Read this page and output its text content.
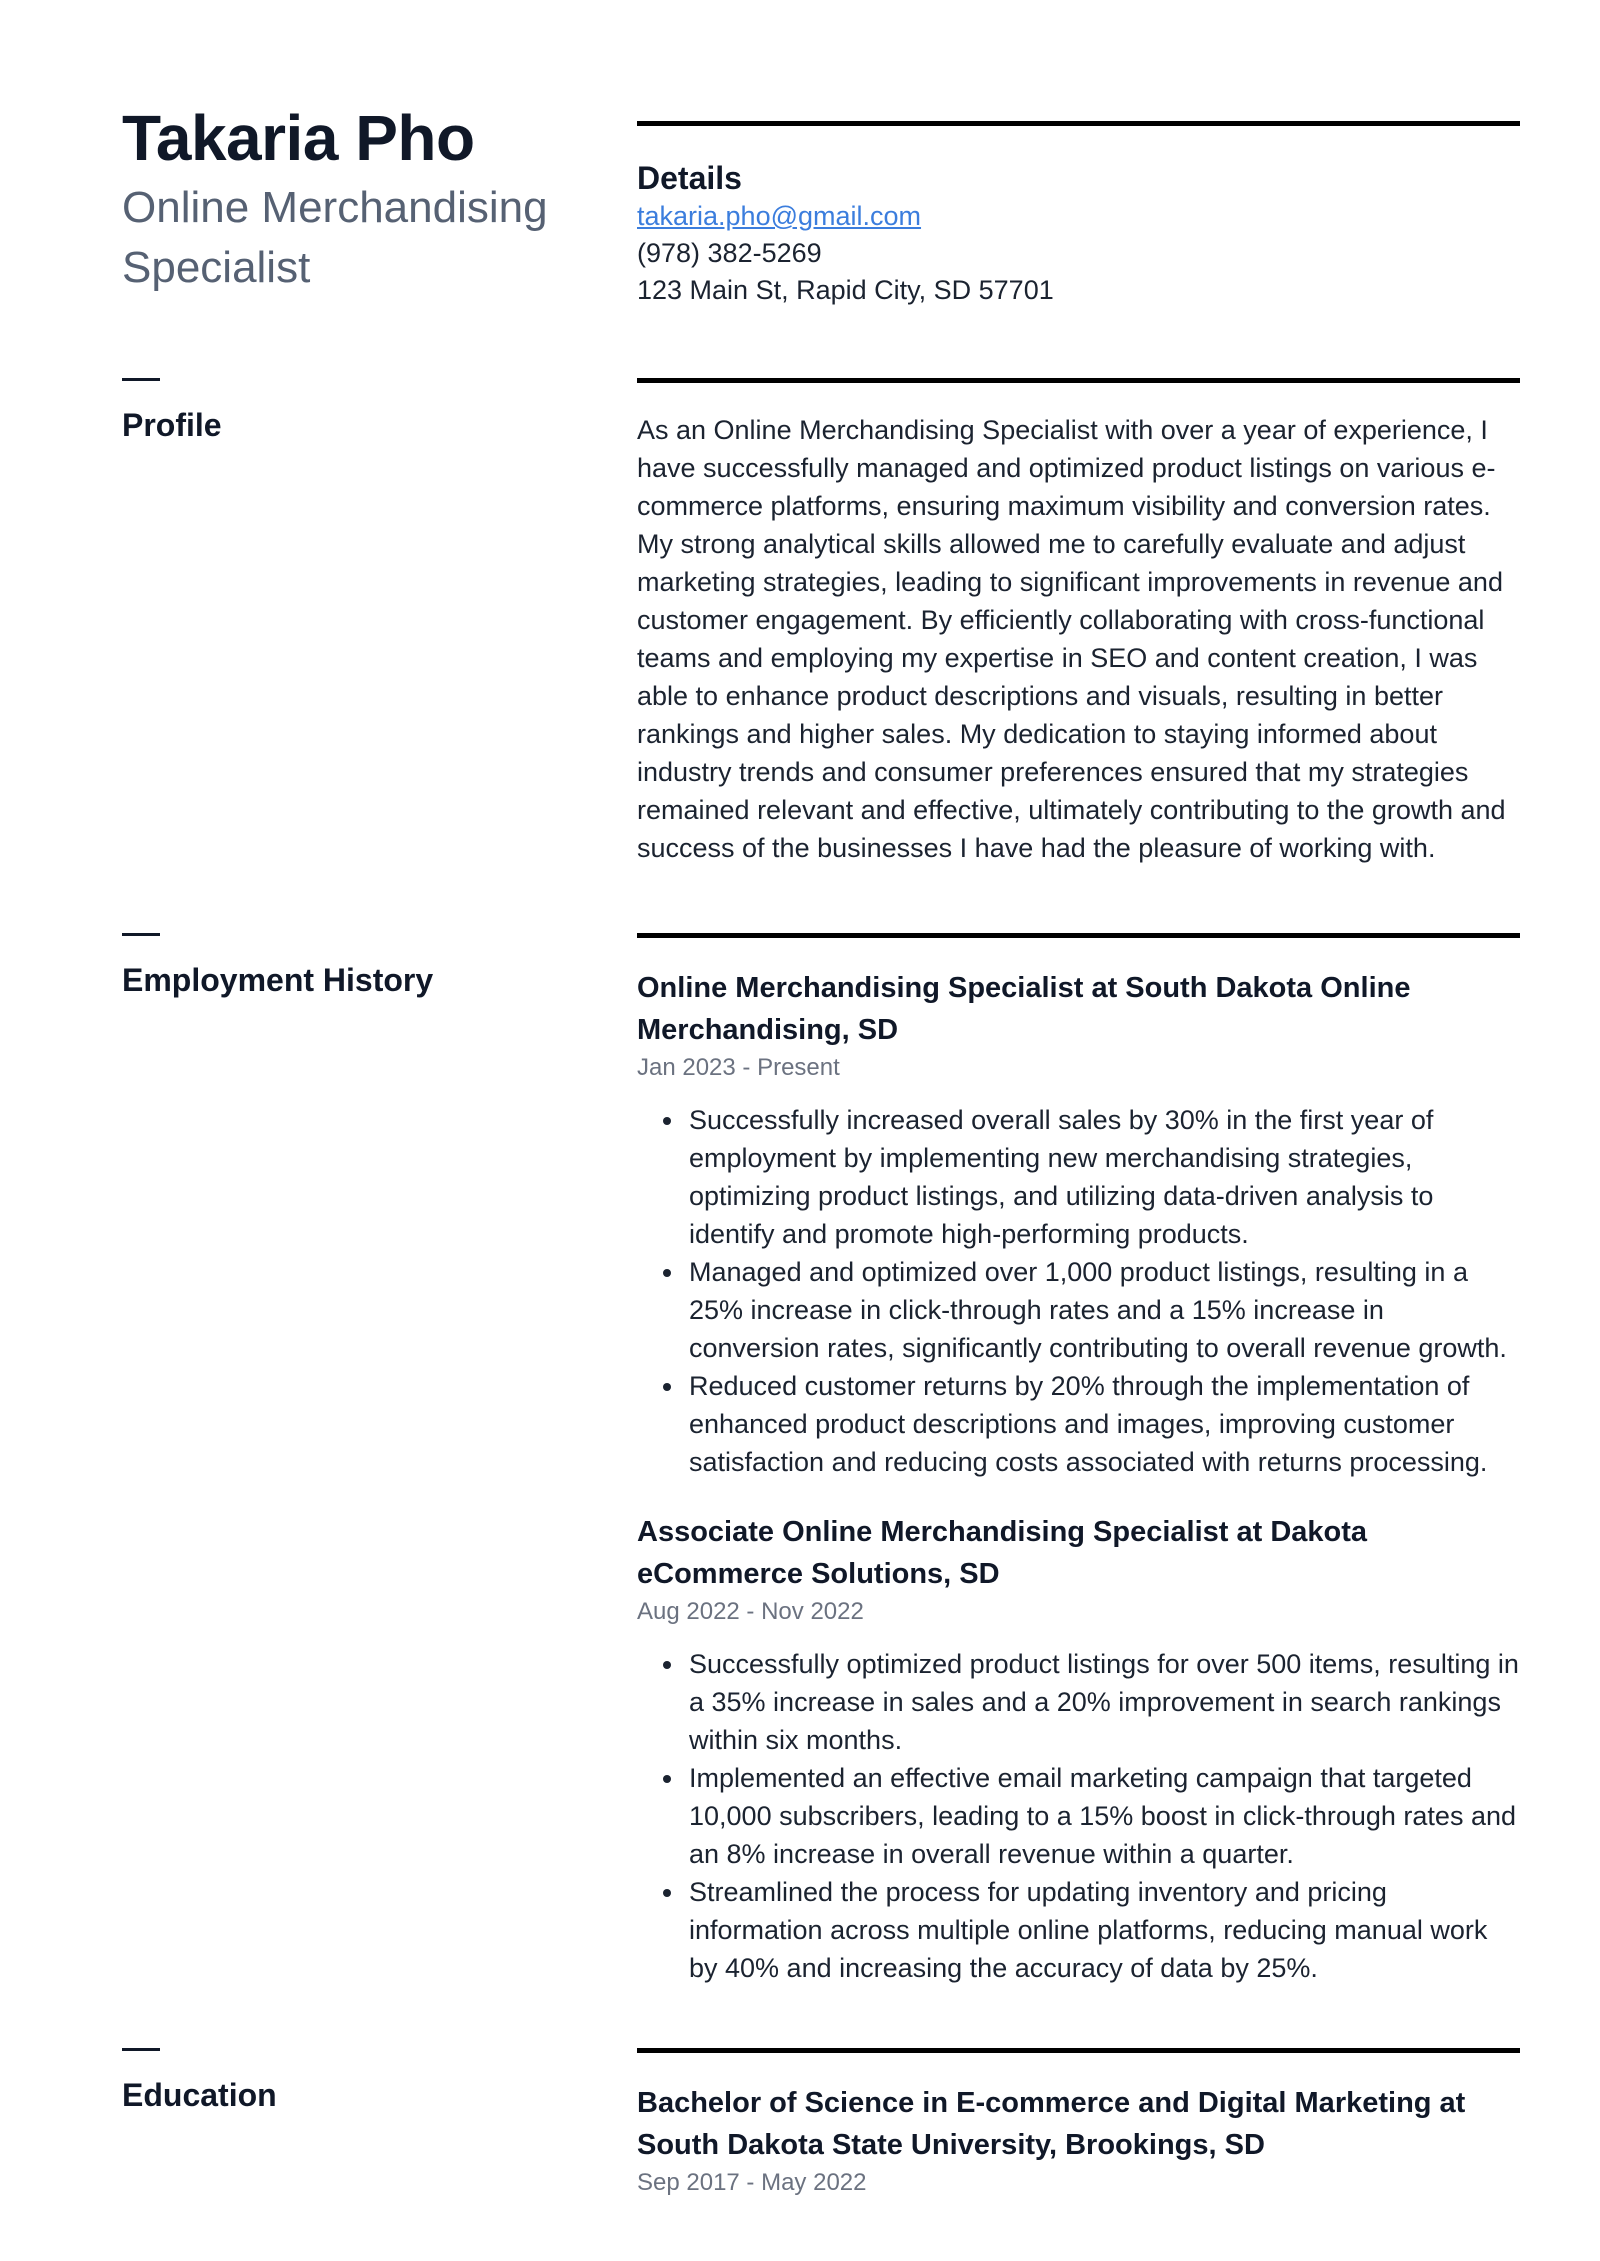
Takaria Pho
Online Merchandising Specialist
Details
takaria.pho@gmail.com
(978) 382-5269
123 Main St, Rapid City, SD 57701
Profile	As an Online Merchandising Specialist with over a year of experience, I have successfully managed and optimized product listings on various e-commerce platforms, ensuring maximum visibility and conversion rates. My strong analytical skills allowed me to carefully evaluate and adjust marketing strategies, leading to significant improvements in revenue and customer engagement. By efficiently collaborating with cross-functional teams and employing my expertise in SEO and content creation, I was able to enhance product descriptions and visuals, resulting in better rankings and higher sales. My dedication to staying informed about industry trends and consumer preferences ensured that my strategies remained relevant and effective, ultimately contributing to the growth and success of the businesses I have had the pleasure of working with.
Employment History	Online Merchandising Specialist at South Dakota Online Merchandising, SD
Jan 2023 - Present
Successfully increased overall sales by 30% in the first year of employment by implementing new merchandising strategies, optimizing product listings, and utilizing data-driven analysis to identify and promote high-performing products.
Managed and optimized over 1,000 product listings, resulting in a 25% increase in click-through rates and a 15% increase in conversion rates, significantly contributing to overall revenue growth.
Reduced customer returns by 20% through the implementation of enhanced product descriptions and images, improving customer satisfaction and reducing costs associated with returns processing.
Associate Online Merchandising Specialist at Dakota eCommerce Solutions, SD
Aug 2022 - Nov 2022
Successfully optimized product listings for over 500 items, resulting in a 35% increase in sales and a 20% improvement in search rankings within six months.
Implemented an effective email marketing campaign that targeted 10,000 subscribers, leading to a 15% boost in click-through rates and an 8% increase in overall revenue within a quarter.
Streamlined the process for updating inventory and pricing information across multiple online platforms, reducing manual work by 40% and increasing the accuracy of data by 25%.
Education	Bachelor of Science in E-commerce and Digital Marketing at South Dakota State University, Brookings, SD
Sep 2017 - May 2022
